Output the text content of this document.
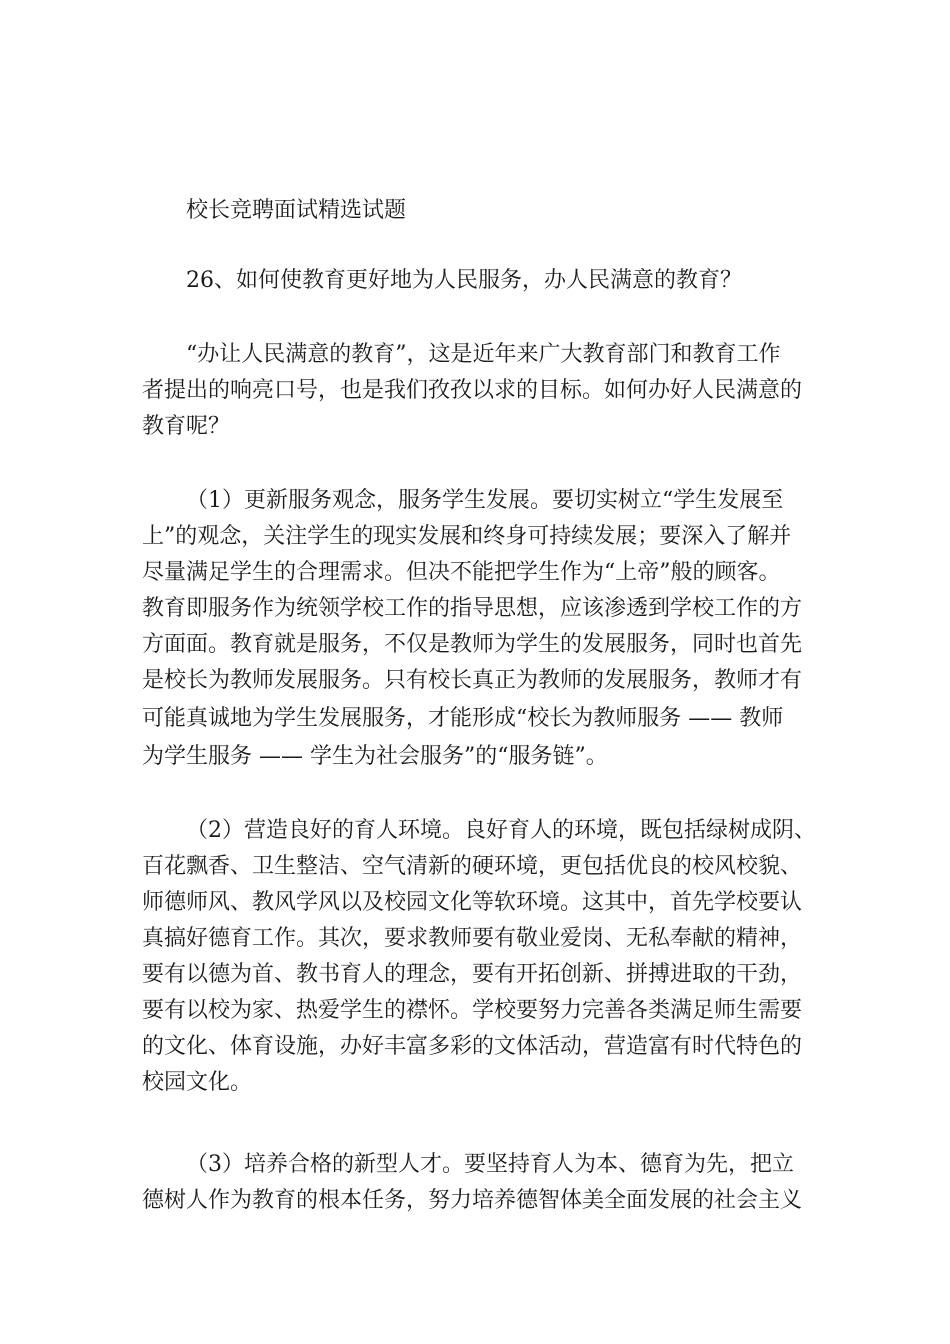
校长竞聘面试精选试题

26、如何使教育更好地为人民服务，办人民满意的教育？

“办让人民满意的教育”，这是近年来广大教育部门和教育工作

者提出的响亮口号，也是我们孜孜以求的目标。如何办好人民满意的

教育呢？

（1）更新服务观念，服务学生发展。要切实树立“学生发展至

上”的观念，关注学生的现实发展和终身可持续发展；要深入了解并

尽量满足学生的合理需求。但决不能把学生作为“上帝”般的顾客。

教育即服务作为统领学校工作的指导思想，应该渗透到学校工作的方

方面面。教育就是服务，不仅是教师为学生的发展服务，同时也首先

是校长为教师发展服务。只有校长真正为教师的发展服务，教师才有

可能真诚地为学生发展服务，才能形成“校长为教师服务 —— 教师

为学生服务 —— 学生为社会服务”的“服务链”。

（2）营造良好的育人环境。良好育人的环境，既包括绿树成阴、

百花飘香、卫生整洁、空气清新的硬环境，更包括优良的校风校貌、

师德师风、教风学风以及校园文化等软环境。这其中，首先学校要认

真搞好德育工作。其次，要求教师要有敬业爱岗、无私奉献的精神，

要有以德为首、教书育人的理念，要有开拓创新、拼搏进取的干劲，

要有以校为家、热爱学生的襟怀。学校要努力完善各类满足师生需要

的文化、体育设施，办好丰富多彩的文体活动，营造富有时代特色的

校园文化。

（3）培养合格的新型人才。要坚持育人为本、德育为先，把立

德树人作为教育的根本任务，努力培养德智体美全面发展的社会主义
